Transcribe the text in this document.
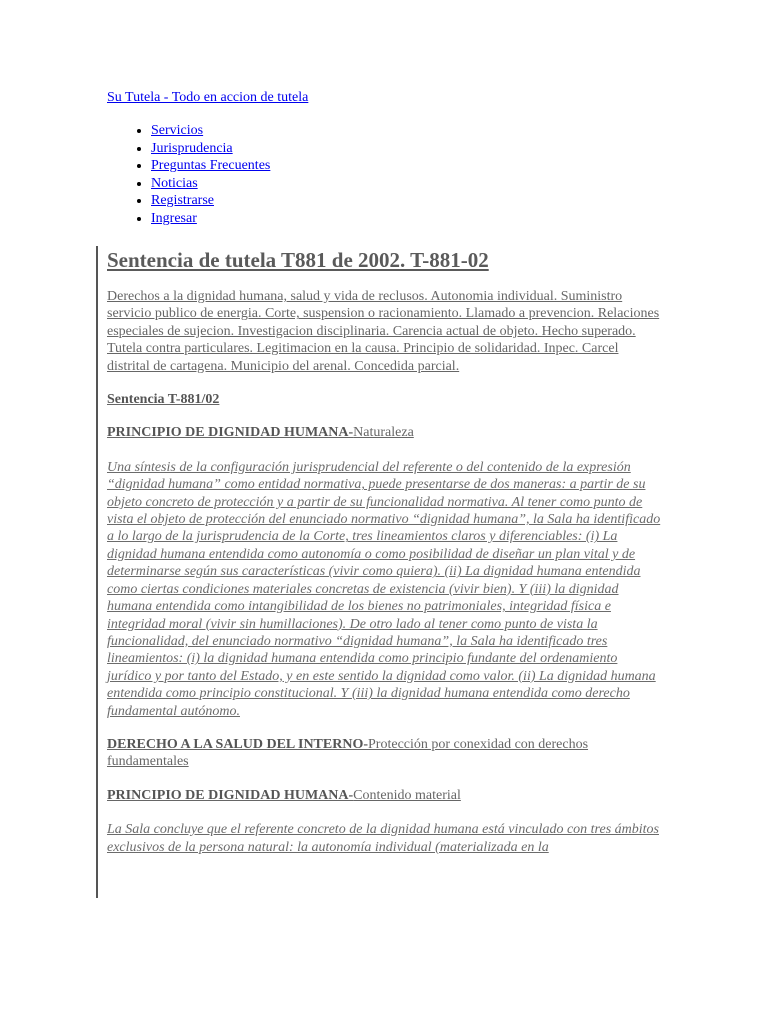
Su Tutela - Todo en accion de tutela
• Servicios
• Jurisprudencia
• Preguntas Frecuentes
• Noticias
• Registrarse
• Ingresar
Sentencia de tutela T881 de 2002. T-881-02

Derechos a la dignidad humana, salud y vida de reclusos. Autonomia individual. Suministro servicio publico de energia. Corte, suspension o racionamiento. Llamado a prevencion. Relaciones especiales de sujecion. Investigacion disciplinaria. Carencia actual de objeto. Hecho superado. Tutela contra particulares. Legitimacion en la causa. Principio de solidaridad. Inpec. Carcel distrital de cartagena. Municipio del arenal. Concedida parcial.

Sentencia T-881/02

PRINCIPIO DE DIGNIDAD HUMANA-Naturaleza

Una síntesis de la configuración jurisprudencial del referente o del contenido de la expresión “dignidad humana” como entidad normativa, puede presentarse de dos maneras: a partir de su objeto concreto de protección y a partir de su funcionalidad normativa. Al tener como punto de vista el objeto de protección del enunciado normativo “dignidad humana”, la Sala ha identificado a lo largo de la jurisprudencia de la Corte, tres lineamientos claros y diferenciables: (i) La dignidad humana entendida como autonomía o como posibilidad de diseñar un plan vital y de determinarse según sus características (vivir como quiera). (ii) La dignidad humana entendida como ciertas condiciones materiales concretas de existencia (vivir bien). Y (iii) la dignidad humana entendida como intangibilidad de los bienes no patrimoniales, integridad física e integridad moral (vivir sin humillaciones). De otro lado al tener como punto de vista la funcionalidad, del enunciado normativo “dignidad humana”, la Sala ha identificado tres lineamientos: (i) la dignidad humana entendida como principio fundante del ordenamiento jurídico y por tanto del Estado, y en este sentido la dignidad como valor. (ii) La dignidad humana entendida como principio constitucional. Y (iii) la dignidad humana entendida como derecho fundamental autónomo.

DERECHO A LA SALUD DEL INTERNO-Protección por conexidad con derechos fundamentales

PRINCIPIO DE DIGNIDAD HUMANA-Contenido material

La Sala concluye que el referente concreto de la dignidad humana está vinculado con tres ámbitos exclusivos de la persona natural: la autonomía individual (materializada en la
